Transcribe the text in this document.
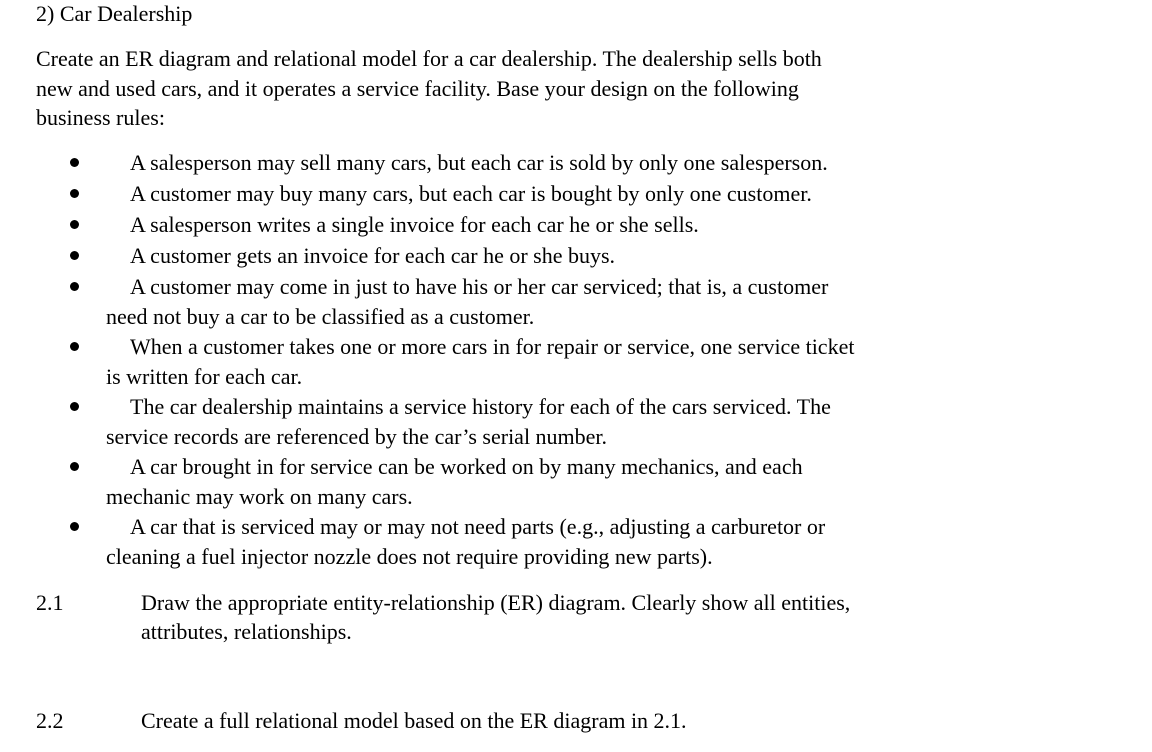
2) Car Dealership
Create an ER diagram and relational model for a car dealership. The dealership sells both
new and used cars, and it operates a service facility. Base your design on the following
business rules:
A salesperson may sell many cars, but each car is sold by only one salesperson.
A customer may buy many cars, but each car is bought by only one customer.
A salesperson writes a single invoice for each car he or she sells.
A customer gets an invoice for each car he or she buys.
A customer may come in just to have his or her car serviced; that is, a customer
need not buy a car to be classified as a customer.
When a customer takes one or more cars in for repair or service, one service ticket
is written for each car.
The car dealership maintains a service history for each of the cars serviced. The
service records are referenced by the car’s serial number.
A car brought in for service can be worked on by many mechanics, and each
mechanic may work on many cars.
A car that is serviced may or may not need parts (e.g., adjusting a carburetor or
cleaning a fuel injector nozzle does not require providing new parts).
2.1	Draw the appropriate entity-relationship (ER) diagram. Clearly show all entities,
attributes, relationships.
2.2	Create a full relational model based on the ER diagram in 2.1.
